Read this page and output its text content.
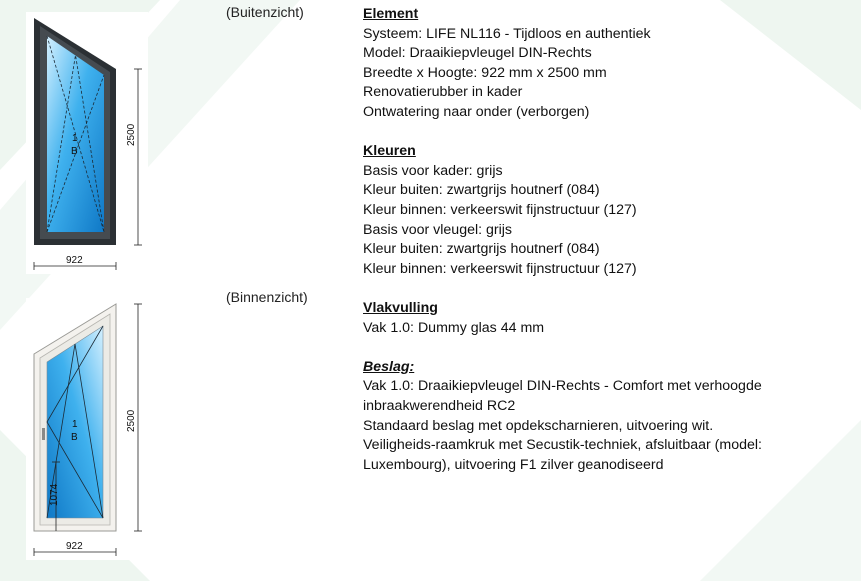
(Buitenzicht)
(Binnenzicht)
1
B
2500
922
1
B
1074
2500
922
Element
Systeem: LIFE NL116 - Tijdloos en authentiek
Model: Draaikiepvleugel DIN-Rechts
Breedte x Hoogte: 922 mm x 2500 mm
Renovatierubber in kader
Ontwatering naar onder (verborgen)
Kleuren
Basis voor kader: grijs
Kleur buiten: zwartgrijs houtnerf (084)
Kleur binnen: verkeerswit fijnstructuur (127)
Basis voor vleugel: grijs
Kleur buiten: zwartgrijs houtnerf (084)
Kleur binnen: verkeerswit fijnstructuur (127)
Vlakvulling
Vak 1.0: Dummy glas 44 mm
Beslag:
Vak 1.0: Draaikiepvleugel DIN-Rechts - Comfort met verhoogde
inbraakwerendheid RC2
Standaard beslag met opdekscharnieren, uitvoering wit.
Veiligheids-raamkruk met Secustik-techniek, afsluitbaar (model:
Luxembourg), uitvoering F1 zilver geanodiseerd
